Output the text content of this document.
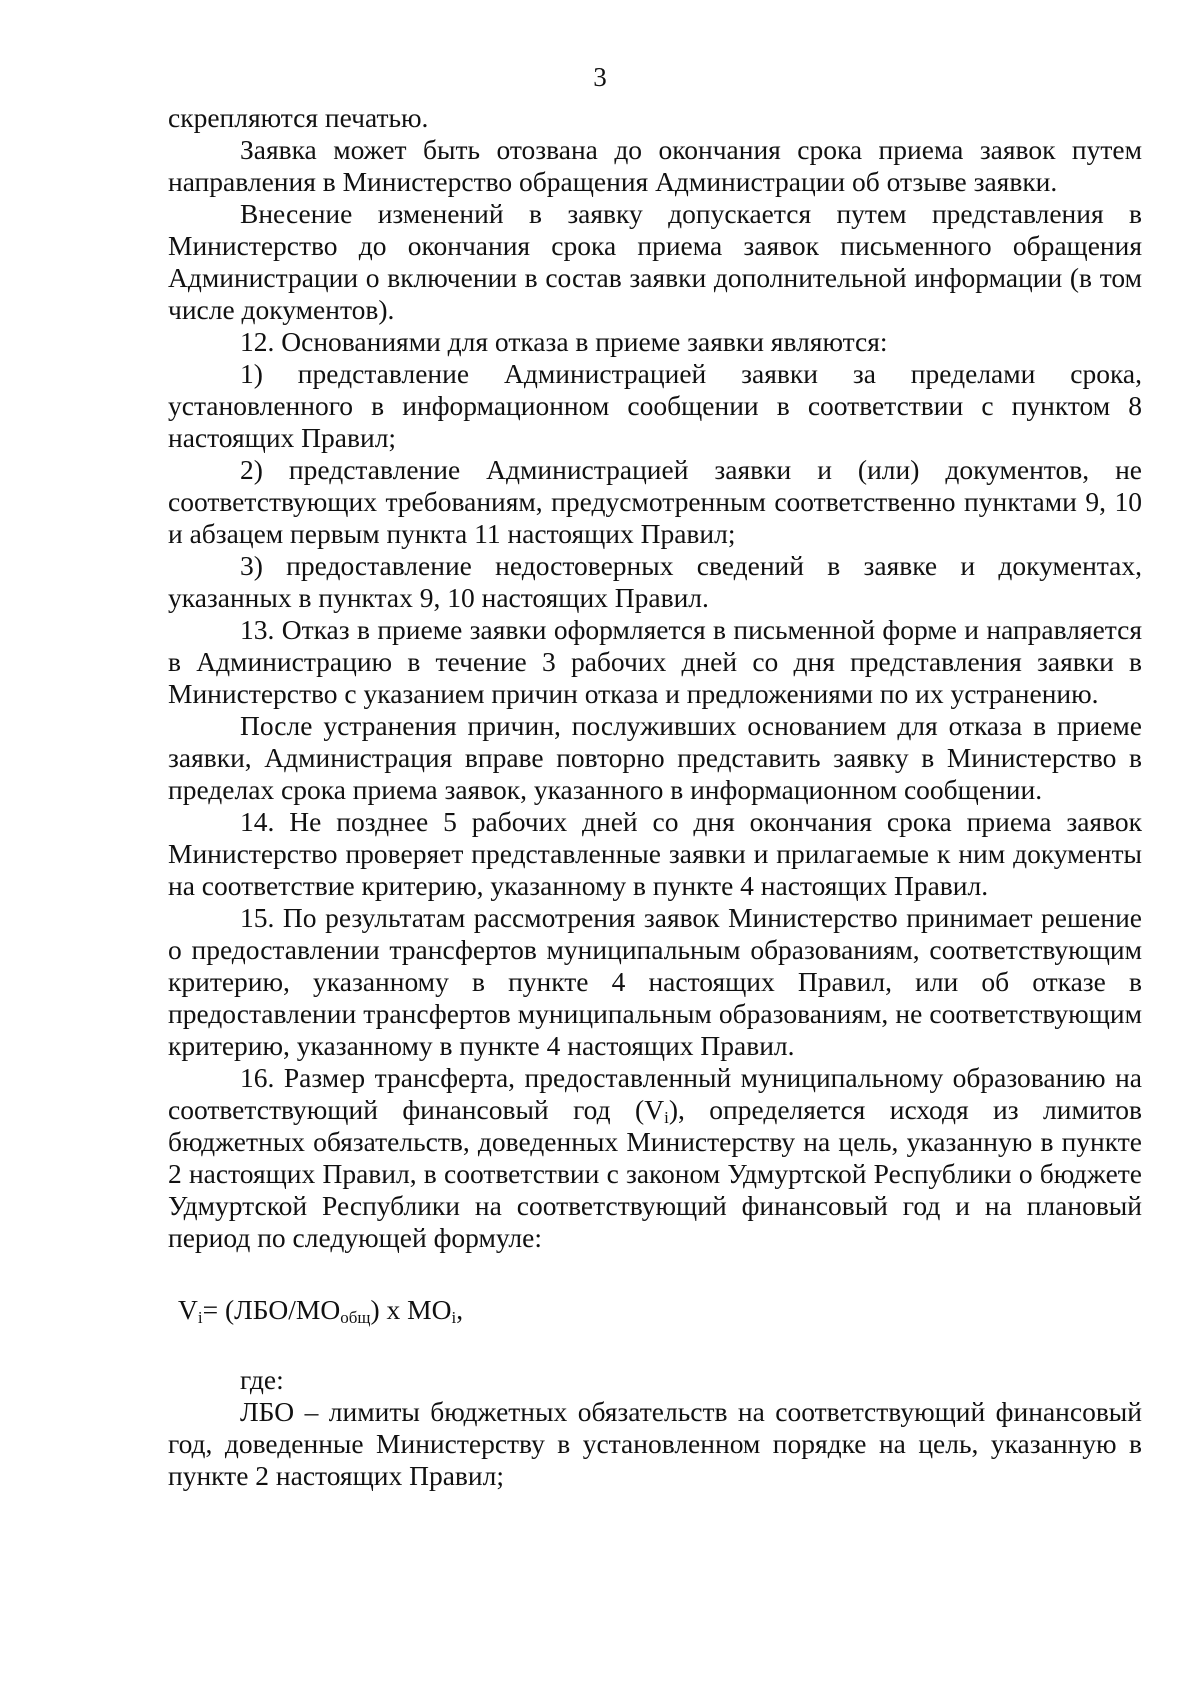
3

скрепляются печатью.

Заявка может быть отозвана до окончания срока приема заявок путем направления в Министерство обращения Администрации об отзыве заявки.

Внесение изменений в заявку допускается путем представления в Министерство до окончания срока приема заявок письменного обращения Администрации о включении в состав заявки дополнительной информации (в том числе документов).

12. Основаниями для отказа в приеме заявки являются:

1) представление Администрацией заявки за пределами срока, установленного в информационном сообщении в соответствии с пунктом 8 настоящих Правил;

2) представление Администрацией заявки и (или) документов, не соответствующих требованиям, предусмотренным соответственно пунктами 9, 10 и абзацем первым пункта 11 настоящих Правил;

3) предоставление недостоверных сведений в заявке и документах, указанных в пунктах 9, 10 настоящих Правил.

13. Отказ в приеме заявки оформляется в письменной форме и направляется в Администрацию в течение 3 рабочих дней со дня представления заявки в Министерство с указанием причин отказа и предложениями по их устранению.

После устранения причин, послуживших основанием для отказа в приеме заявки, Администрация вправе повторно представить заявку в Министерство в пределах срока приема заявок, указанного в информационном сообщении.

14. Не позднее 5 рабочих дней со дня окончания срока приема заявок Министерство проверяет представленные заявки и прилагаемые к ним документы на соответствие критерию, указанному в пункте 4 настоящих Правил.

15. По результатам рассмотрения заявок Министерство принимает решение о предоставлении трансфертов муниципальным образованиям, соответствующим критерию, указанному в пункте 4 настоящих Правил, или об отказе в предоставлении трансфертов муниципальным образованиям, не соответствующим критерию, указанному в пункте 4 настоящих Правил.

16. Размер трансферта, предоставленный муниципальному образованию на соответствующий финансовый год $(V_i)$, определяется исходя из лимитов бюджетных обязательств, доведенных Министерству на цель, указанную в пункте 2 настоящих Правил, в соответствии с законом Удмуртской Республики о бюджете Удмуртской Республики на соответствующий финансовый год и на плановый период по следующей формуле:

$V_i= (ЛБО/МО_{общ})$ x $МО_i$,

где:

ЛБО – лимиты бюджетных обязательств на соответствующий финансовый год, доведенные Министерству в установленном порядке на цель, указанную в пункте 2 настоящих Правил;
